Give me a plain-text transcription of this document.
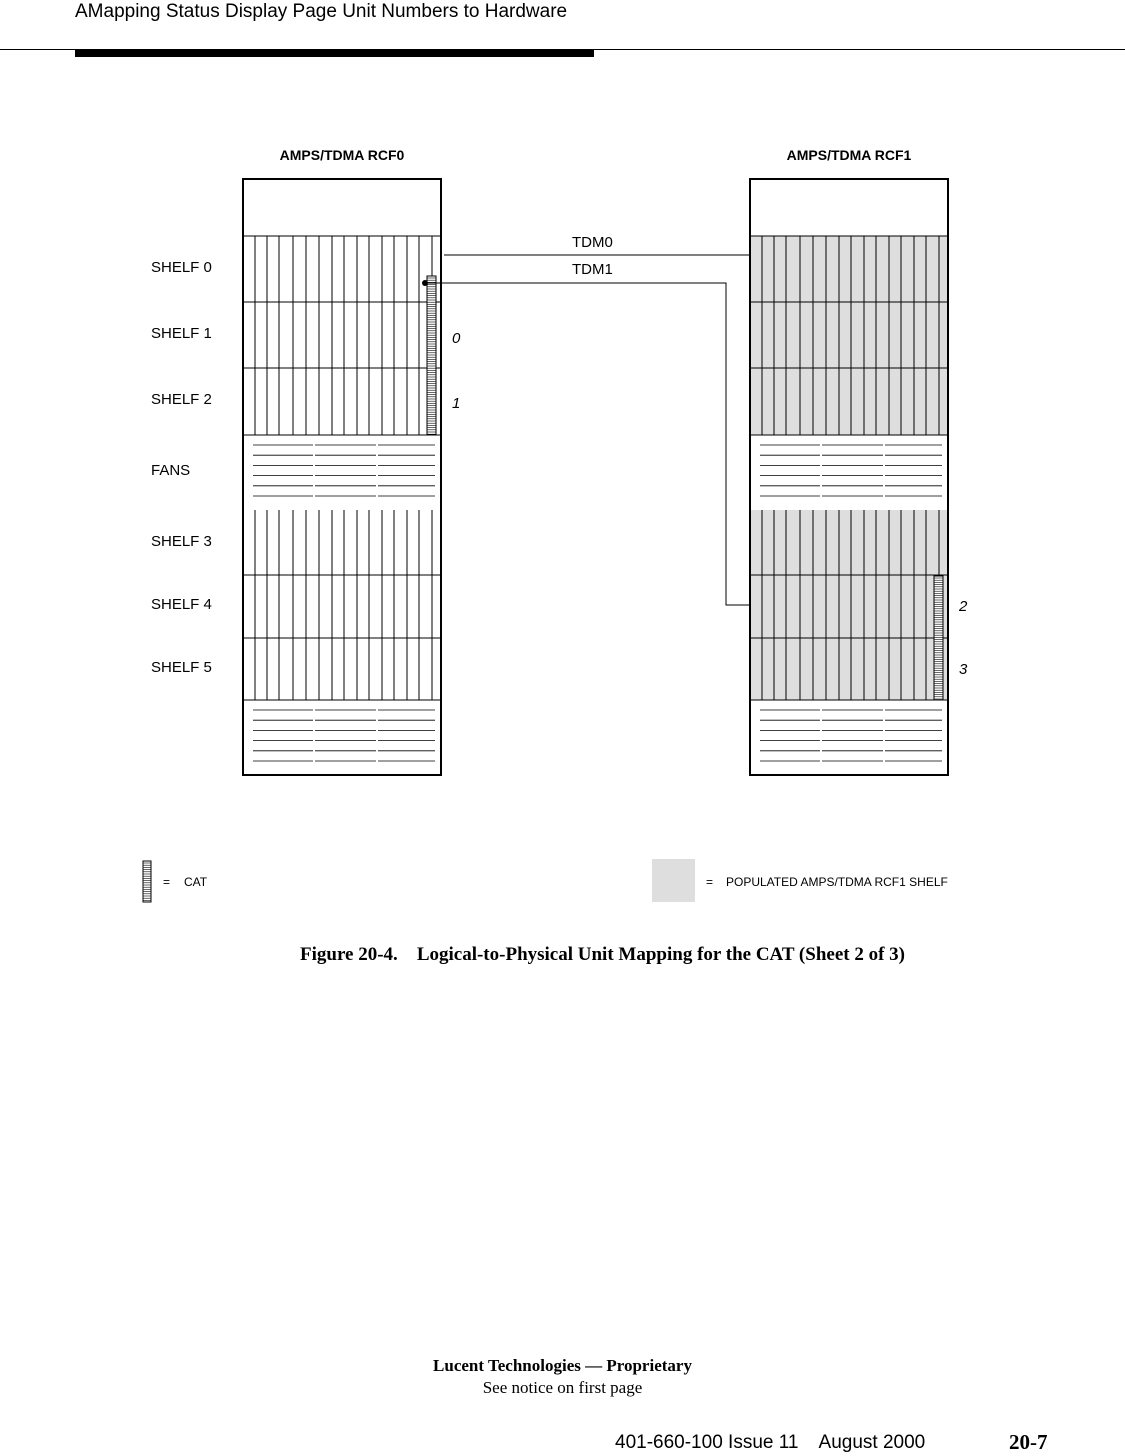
AMapping Status Display Page Unit Numbers to Hardware
AMPS/TDMA RCF0	AMPS/TDMA RCF1
SHELF 0
SHELF 1
SHELF 2
FANS
SHELF 3
SHELF 4
SHELF 5
TDM0
TDM1
0
1
2
3
= CAT	= POPULATED AMPS/TDMA RCF1 SHELF
Figure 20-4. Logical-to-Physical Unit Mapping for the CAT (Sheet 2 of 3)
Lucent Technologies — Proprietary
See notice on first page
401-660-100 Issue 11    August 2000	20-7
